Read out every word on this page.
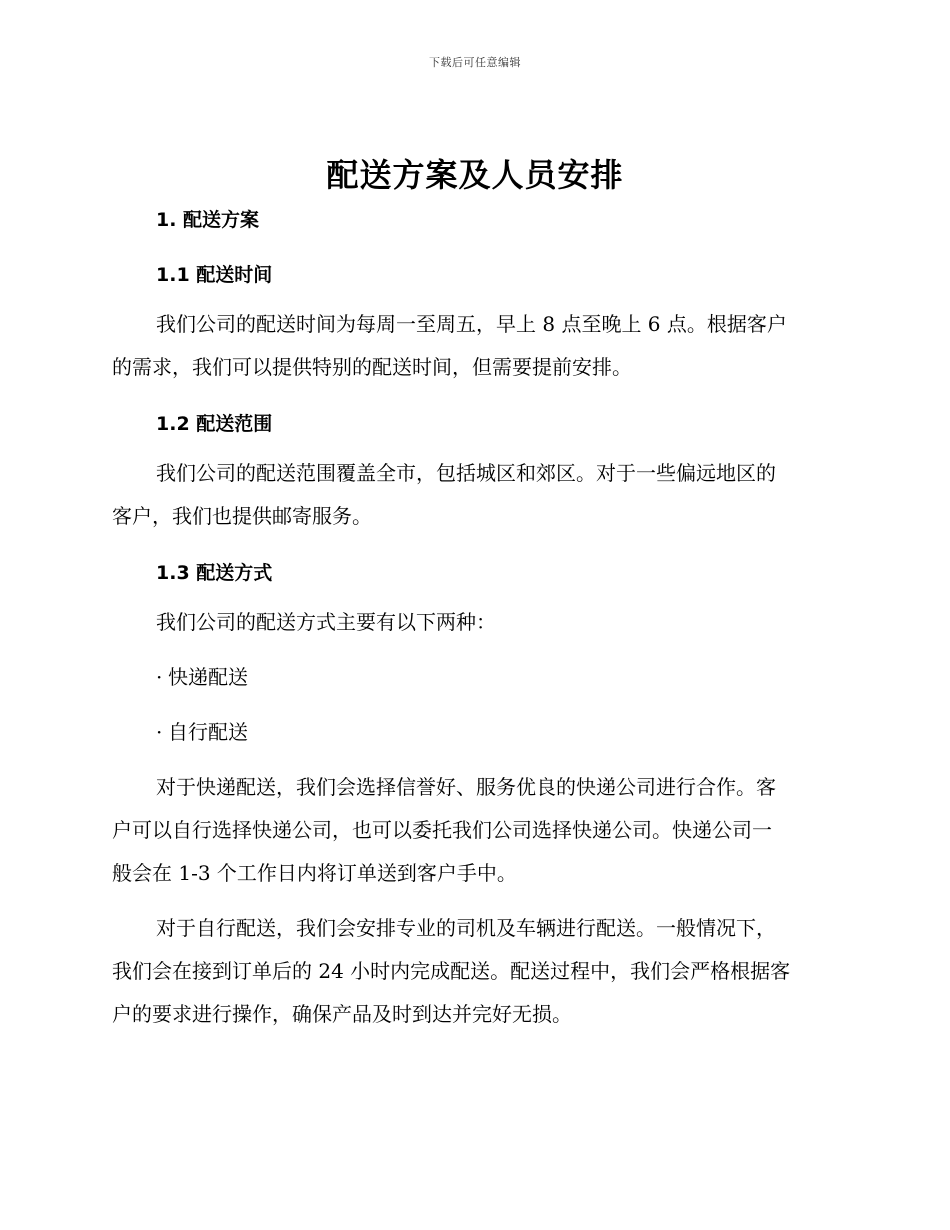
下载后可任意编辑
配送方案及人员安排
1. 配送方案
1.1 配送时间

我们公司的配送时间为每周一至周五，早上 8 点至晚上 6 点。根据客户
的需求，我们可以提供特别的配送时间，但需要提前安排。

1.2 配送范围

我们公司的配送范围覆盖全市，包括城区和郊区。对于一些偏远地区的
客户，我们也提供邮寄服务。

1.3 配送方式

我们公司的配送方式主要有以下两种：

· 快递配送
· 自行配送

对于快递配送，我们会选择信誉好、服务优良的快递公司进行合作。客
户可以自行选择快递公司，也可以委托我们公司选择快递公司。快递公司一
般会在 1-3 个工作日内将订单送到客户手中。

对于自行配送，我们会安排专业的司机及车辆进行配送。一般情况下，
我们会在接到订单后的 24 小时内完成配送。配送过程中，我们会严格根据客
户的要求进行操作，确保产品及时到达并完好无损。
